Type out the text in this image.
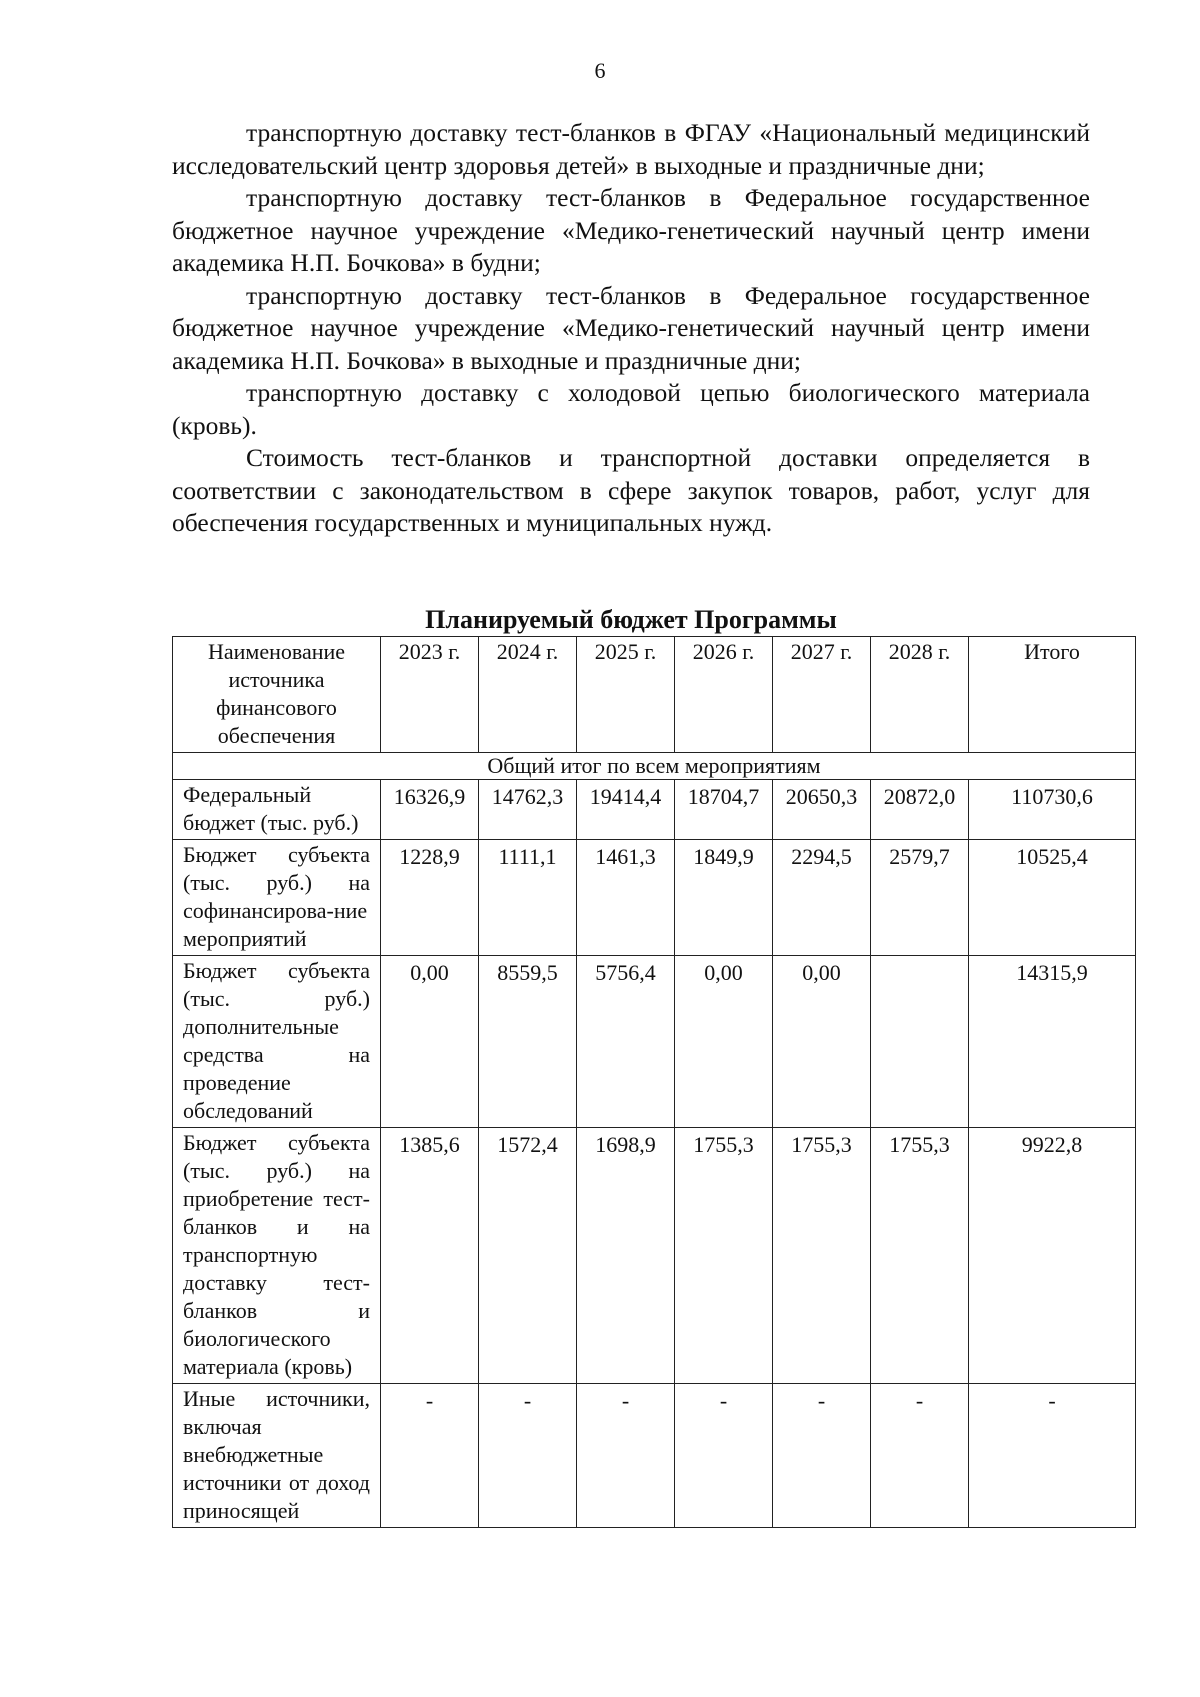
6

транспортную доставку тест-бланков в ФГАУ «Национальный медицинский исследовательский центр здоровья детей» в выходные и праздничные дни;

транспортную доставку тест-бланков в Федеральное государственное бюджетное научное учреждение «Медико-генетический научный центр имени академика Н.П. Бочкова» в будни;

транспортную доставку тест-бланков в Федеральное государственное бюджетное научное учреждение «Медико-генетический научный центр имени академика Н.П. Бочкова» в выходные и праздничные дни;

транспортную доставку с холодовой цепью биологического материала (кровь).

Стоимость тест-бланков и транспортной доставки определяется в соответствии с законодательством в сфере закупок товаров, работ, услуг для обеспечения государственных и муниципальных нужд.

Планируемый бюджет Программы
Наименование источника финансового обеспечения	2023 г.	2024 г.	2025 г.	2026 г.	2027 г.	2028 г.	Итого
Общий итог по всем мероприятиям							
Федеральный бюджет (тыс. руб.)	16326,9	14762,3	19414,4	18704,7	20650,3	20872,0	110730,6
Бюджет субъекта (тыс. руб.) на софинансирова-ние мероприятий	1228,9	1111,1	1461,3	1849,9	2294,5	2579,7	10525,4
Бюджет субъекта (тыс. руб.) дополнительные средства на проведение обследований	0,00	8559,5	5756,4	0,00	0,00		14315,9
Бюджет субъекта (тыс. руб.) на приобретение тест-бланков и на транспортную доставку тест-бланков и биологического материала (кровь)	1385,6	1572,4	1698,9	1755,3	1755,3	1755,3	9922,8
Иные источники, включая внебюджетные источники от доход приносящей	-	-	-	-	-	-	-
